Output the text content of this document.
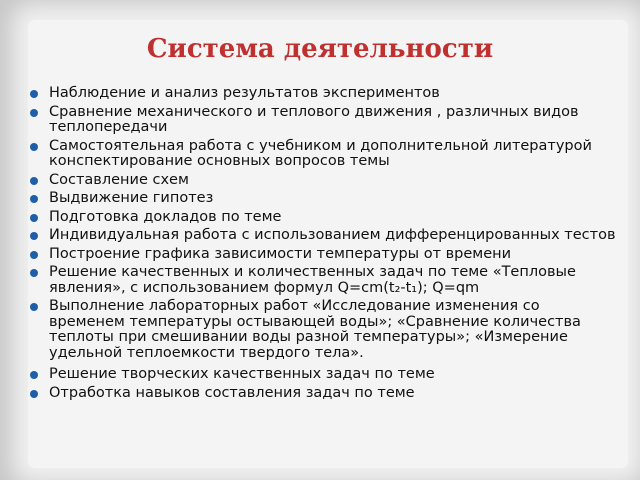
Система деятельности
Наблюдение и анализ результатов экспериментов
Сравнение механического и теплового движения , различных видов теплопередачи
Самостоятельная работа с учебником и дополнительной литературой конспектирование основных вопросов темы
Составление схем
Выдвижение гипотез
Подготовка докладов по теме
Индивидуальная работа с использованием дифференцированных тестов
Построение графика зависимости температуры от времени
Решение качественных и количественных задач по теме «Тепловые явления», с использованием формул Q=cm(t₂-t₁); Q=qm
Выполнение лабораторных работ «Исследование изменения со временем температуры остывающей воды»; «Сравнение количества теплоты при смешивании воды разной температуры»; «Измерение удельной теплоемкости твердого тела».
Решение творческих качественных задач по теме
Отработка навыков составления задач по теме
